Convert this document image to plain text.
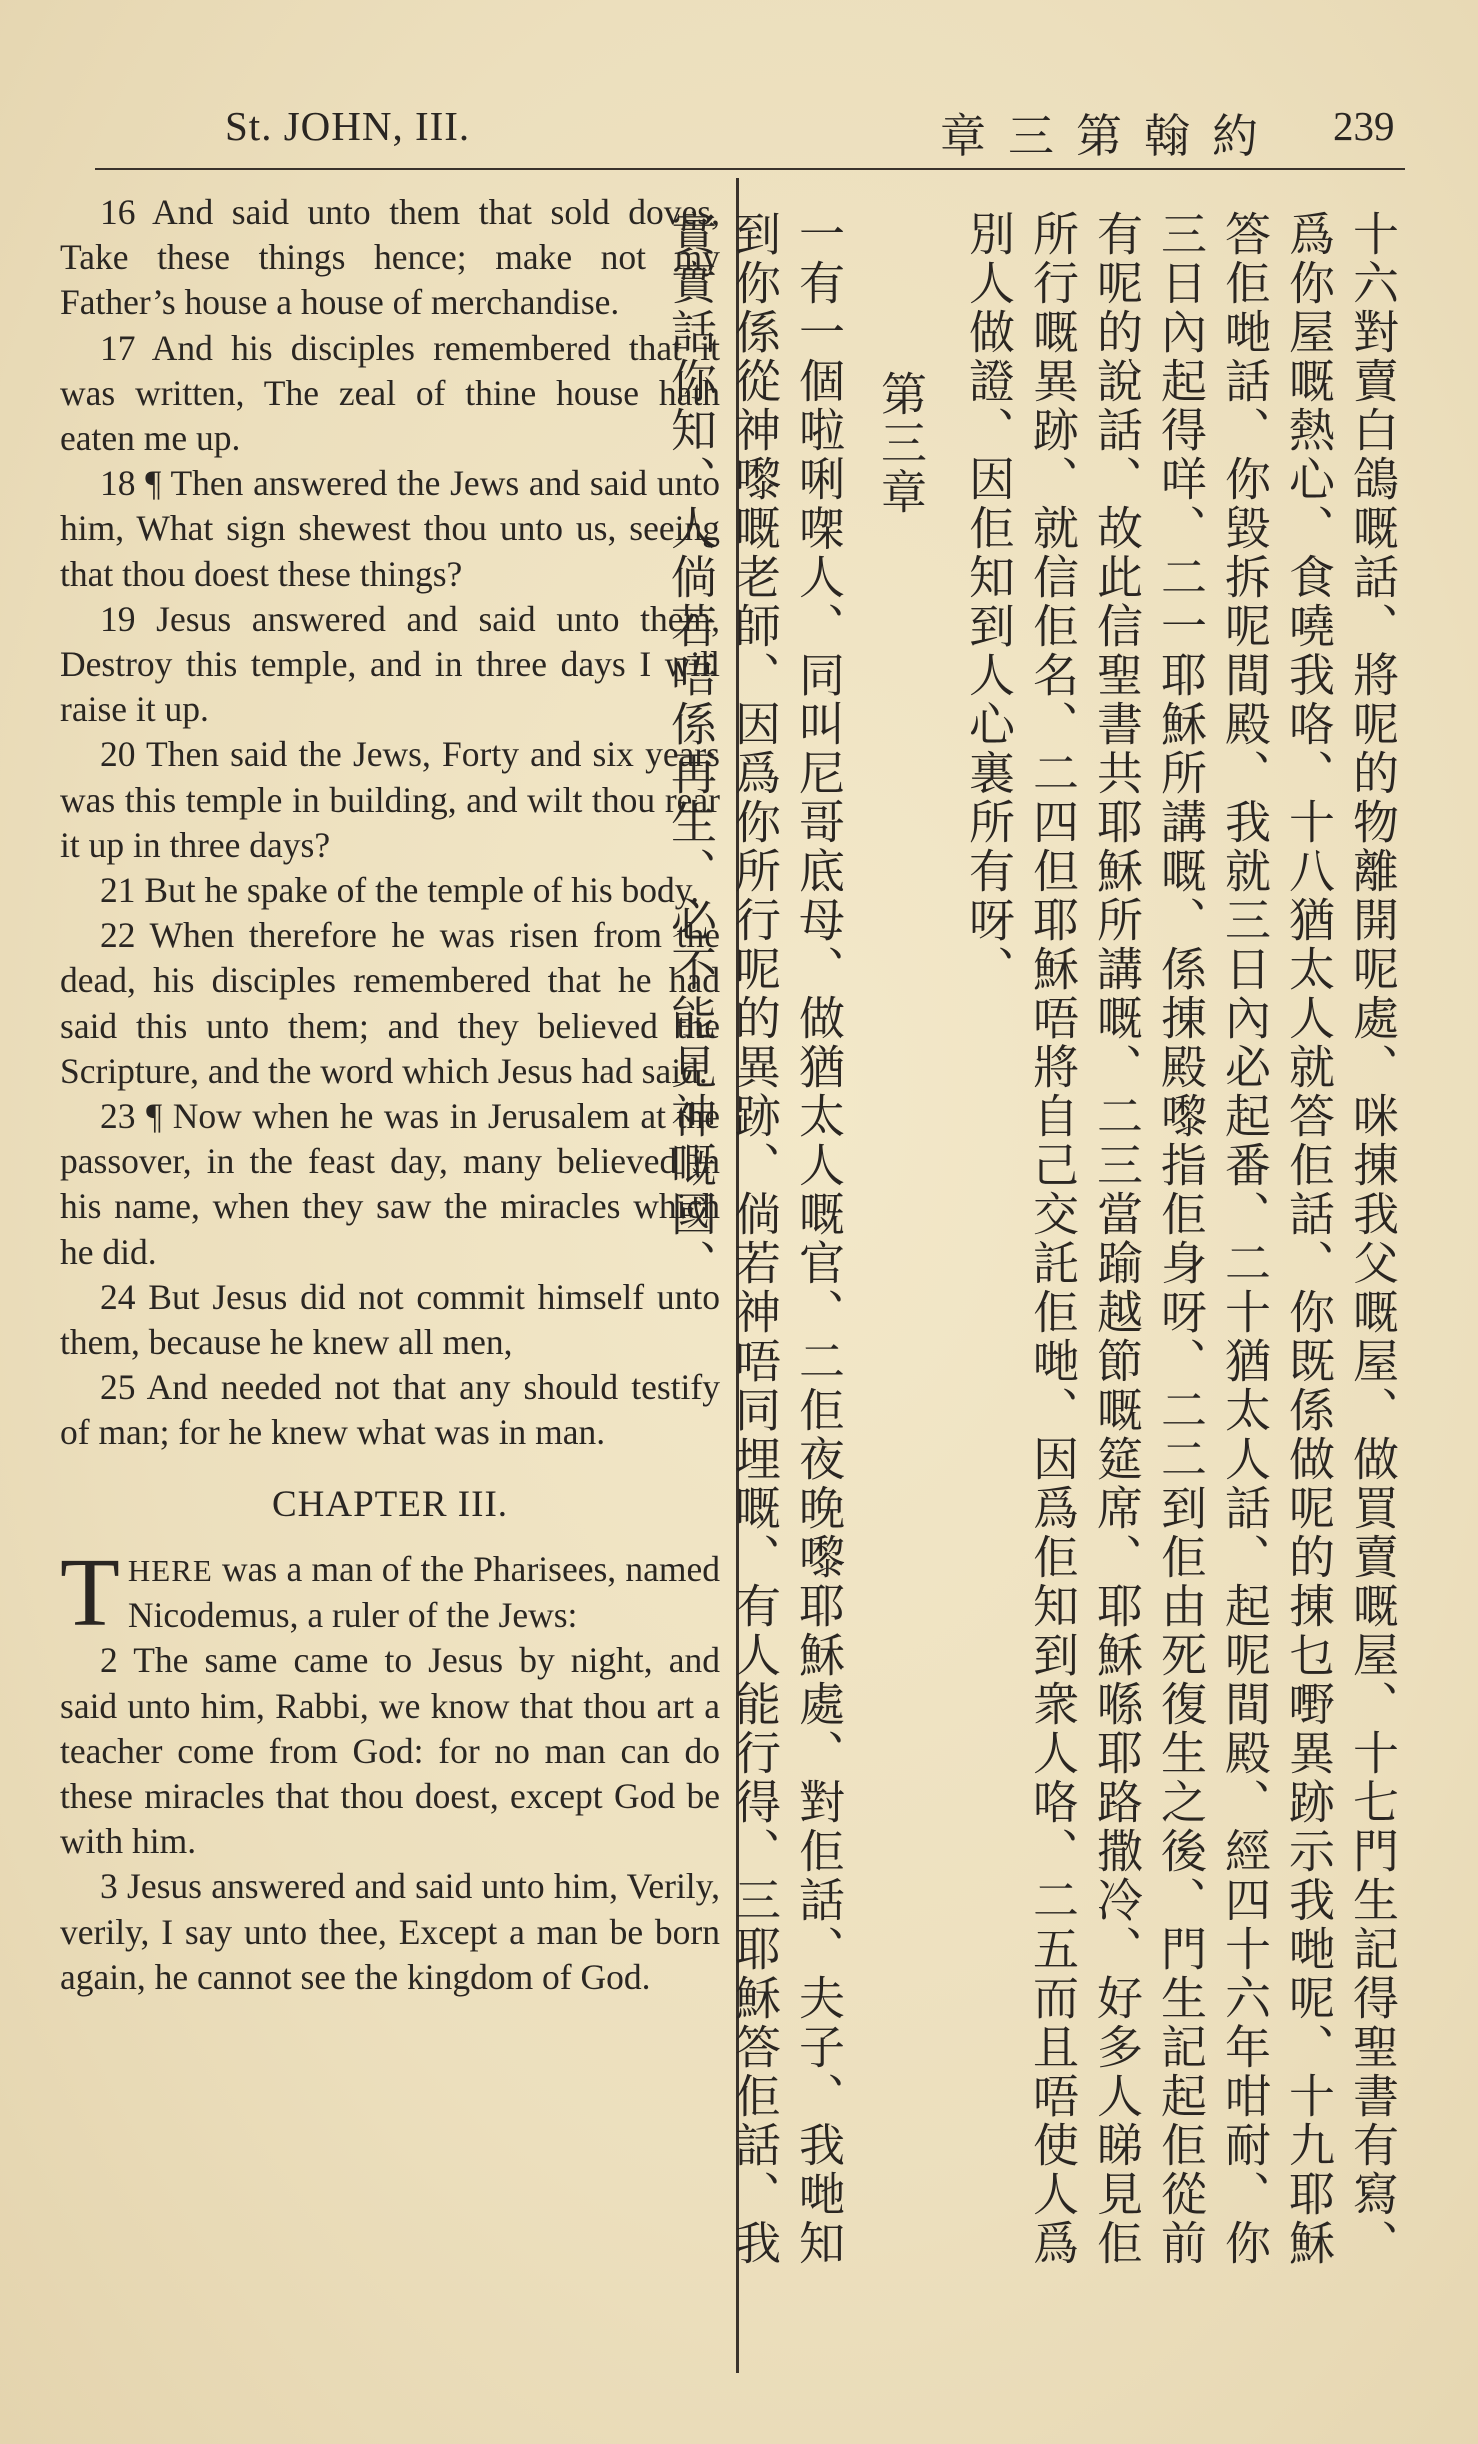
St. JOHN, III.	章三第翰約 239

16 And said unto them that sold doves, Take these things hence; make not my Father’s house a house of merchandise.

17 And his disciples remembered that it was written, The zeal of thine house hath eaten me up.

18 ¶ Then answered the Jews and said unto him, What sign shewest thou unto us, seeing that thou doest these things?

19 Jesus answered and said unto them, Destroy this temple, and in three days I will raise it up.

20 Then said the Jews, Forty and six years was this temple in building, and wilt thou rear it up in three days?

21 But he spake of the temple of his body.

22 When therefore he was risen from the dead, his disciples remembered that he had said this unto them; and they believed the Scripture, and the word which Jesus had said.

23 ¶ Now when he was in Jerusalem at the passover, in the feast day, many believed in his name, when they saw the miracles which he did.

24 But Jesus did not commit himself unto them, because he knew all men,

25 And needed not that any should testify of man; for he knew what was in man.

CHAPTER III.

THERE was a man of the Pharisees, named Nicodemus, a ruler of the Jews:

2 The same came to Jesus by night, and said unto him, Rabbi, we know that thou art a teacher come from God: for no man can do these miracles that thou doest, except God be with him.

3 Jesus answered and said unto him, Verily, verily, I say unto thee, Except a man be born again, he cannot see the kingdom of God.	十六對賣白鴿嘅話、將呢的物離開呢處、咪㨂我父嘅屋、做買賣嘅屋、十七門生記得聖書有寫、爲你屋嘅熱心、食嘵我咯、十八猶太人就答佢話、你既係做呢的㨂乜嘢異跡示我哋呢、十九耶穌答佢哋話、你毀拆呢間殿、我就三日內必起番、二十猶太人話、起呢間殿、經四十六年咁耐、你三日內起得咩、二一耶穌所講嘅、係㨂殿嚟指佢身呀、二二到佢由死復生之後、門生記起佢從前有呢的說話、故此信聖書共耶穌所講嘅、二三當踰越節嘅筵席、耶穌喺耶路撒冷、好多人睇見佢所行嘅異跡、就信佢名、二四但耶穌唔將自己交託佢哋、因爲佢知到衆人咯、二五而且唔使人爲別人做證、因佢知到人心裏所有呀、

第三章

一有一個啦唎㗎人、同叫尼哥底母、做猶太人嘅官、二佢夜晚嚟耶穌處、對佢話、夫子、我哋知到你係從神嚟嘅老師、因爲你所行呢的異跡、倘若神唔同埋嘅、有人能行得、三耶穌答佢話、我實實話你知、人倘若唔係再生、必不能見神嘅國、
